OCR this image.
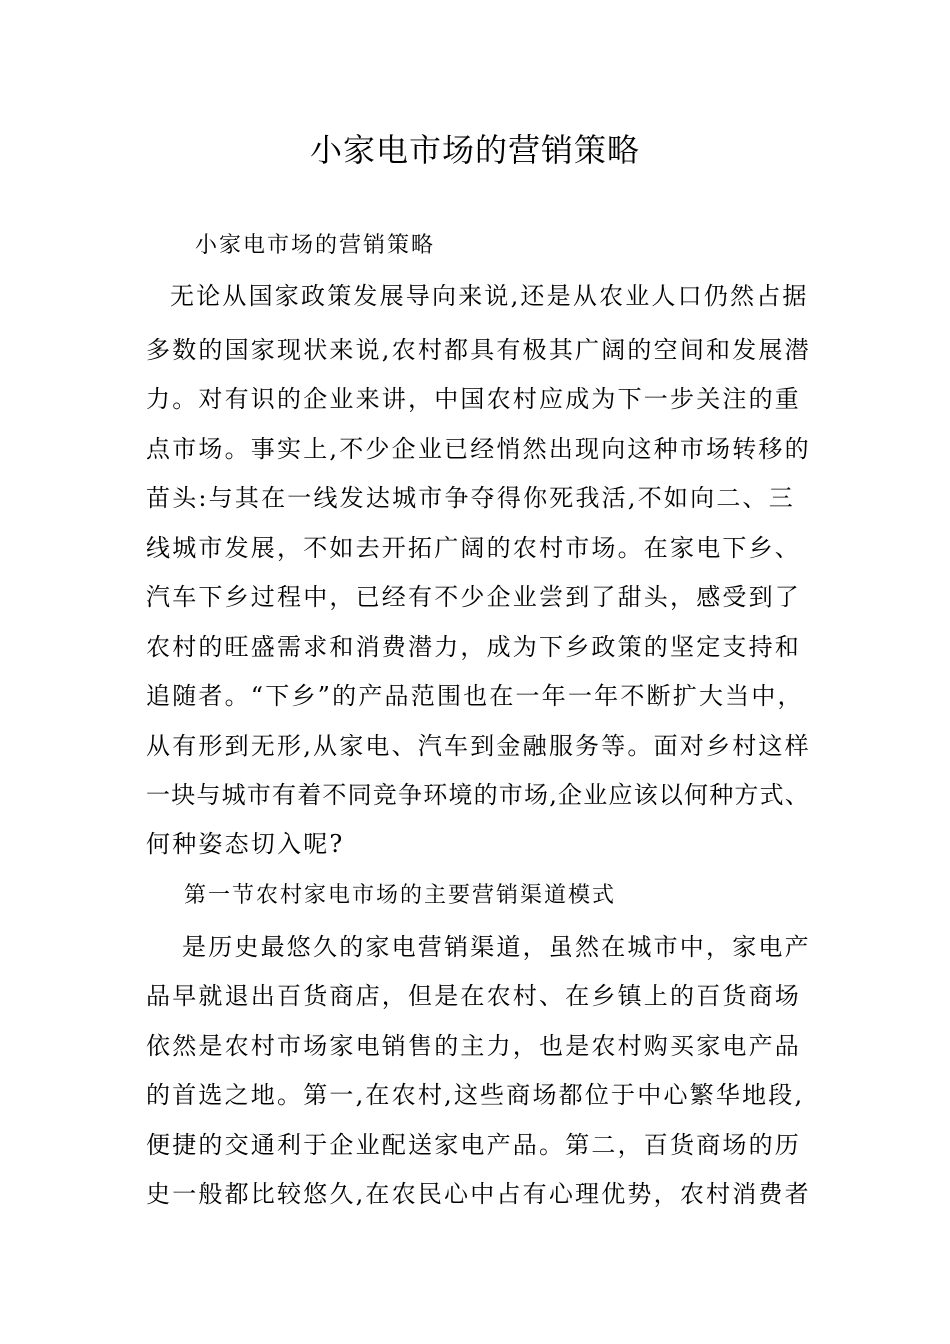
小家电市场的营销策略
小家电市场的营销策略
无论从国家政策发展导向来说,还是从农业人口仍然占据
多数的国家现状来说,农村都具有极其广阔的空间和发展潜
力。对有识的企业来讲，中国农村应成为下一步关注的重
点市场。事实上,不少企业已经悄然出现向这种市场转移的
苗头:与其在一线发达城市争夺得你死我活,不如向二、三
线城市发展，不如去开拓广阔的农村市场。在家电下乡、
汽车下乡过程中，已经有不少企业尝到了甜头，感受到了
农村的旺盛需求和消费潜力，成为下乡政策的坚定支持和
追随者。“下乡”的产品范围也在一年一年不断扩大当中，
从有形到无形,从家电、汽车到金融服务等。面对乡村这样
一块与城市有着不同竞争环境的市场,企业应该以何种方式、
何种姿态切入呢?
第一节农村家电市场的主要营销渠道模式
是历史最悠久的家电营销渠道，虽然在城市中，家电产
品早就退出百货商店，但是在农村、在乡镇上的百货商场
依然是农村市场家电销售的主力，也是农村购买家电产品
的首选之地。第一,在农村,这些商场都位于中心繁华地段,
便捷的交通利于企业配送家电产品。第二，百货商场的历
史一般都比较悠久,在农民心中占有心理优势，农村消费者
